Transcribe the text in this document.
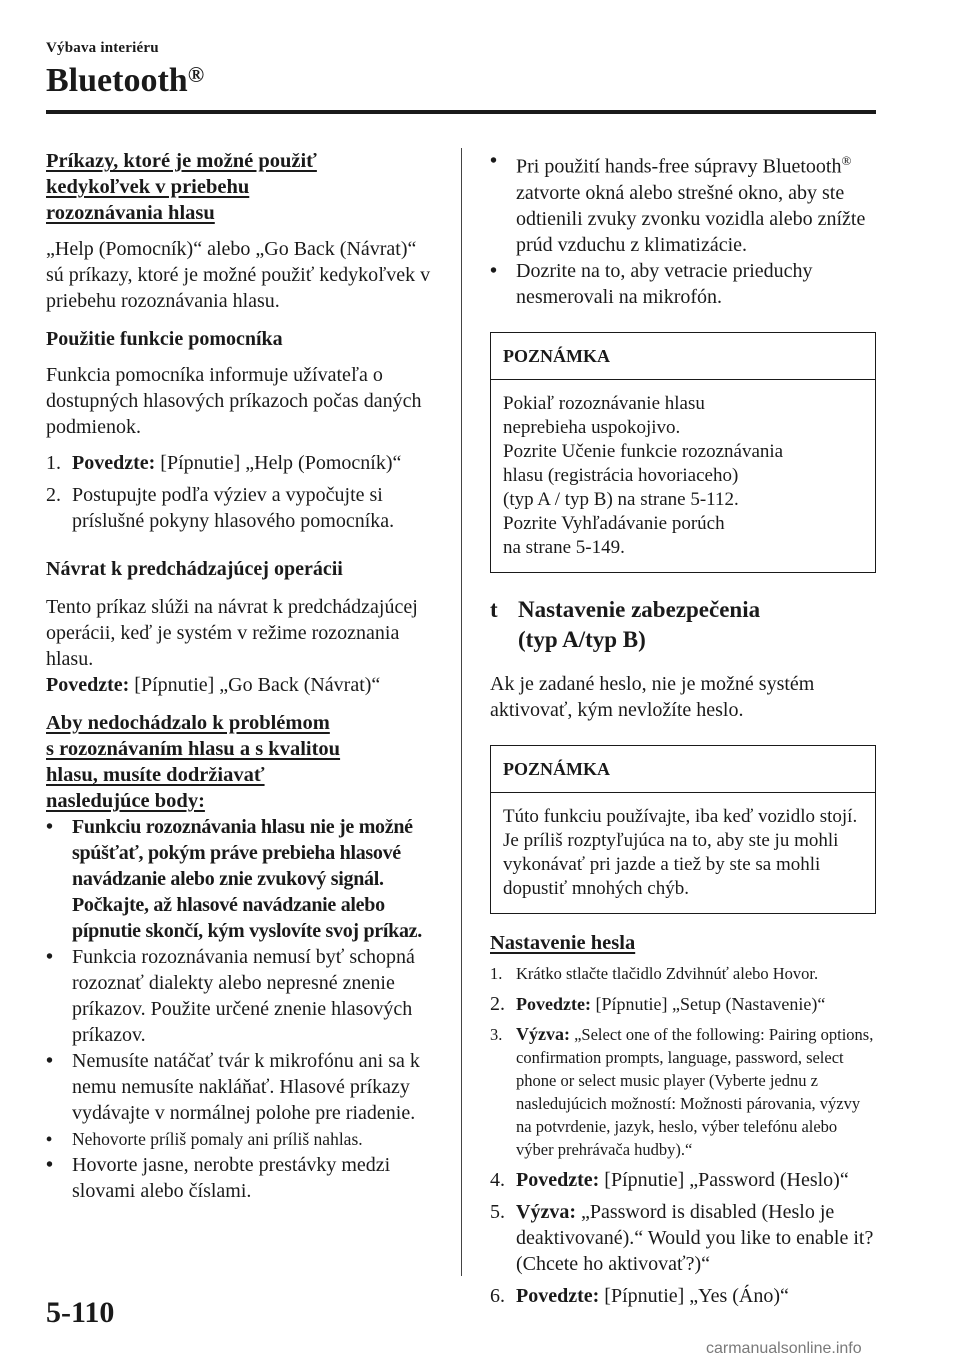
Výbava interiéru
Bluetooth®
Príkazy, ktoré je možné použiť
kedykoľvek v priebehu
rozoznávania hlasu

„Help (Pomocník)“ alebo „Go Back (Návrat)“ sú príkazy, ktoré je možné použiť kedykoľvek v priebehu rozoznávania hlasu.

Použitie funkcie pomocníka

Funkcia pomocníka informuje užívateľa o dostupných hlasových príkazoch počas daných podmienok.

1. Povedzte: [Pípnutie] „Help (Pomocník)“
2. Postupujte podľa výziev a vypočujte si príslušné pokyny hlasového pomocníka.
Návrat k predchádzajúcej operácii

Tento príkaz slúži na návrat k predchádzajúcej operácii, keď je systém v režime rozoznania hlasu.

Povedzte: [Pípnutie] „Go Back (Návrat)“

Aby nedochádzalo k problémom
s rozoznávaním hlasu a s kvalitou
hlasu, musíte dodržiavať
nasledujúce body:
• Funkciu rozoznávania hlasu nie je možné spúšťať, pokým práve prebieha hlasové navádzanie alebo znie zvukový signál. Počkajte, až hlasové navádzanie alebo pípnutie skončí, kým vyslovíte svoj príkaz.
• Funkcia rozoznávania nemusí byť schopná rozoznať dialekty alebo nepresné znenie príkazov. Použite určené znenie hlasových príkazov.
• Nemusíte natáčať tvár k mikrofónu ani sa k nemu nemusíte nakláňať. Hlasové príkazy vydávajte v normálnej polohe pre riadenie.
•	Nehovorte príliš pomaly ani príliš nahlas.
• Hovorte jasne, nerobte prestávky medzi slovami alebo číslami.
• Pri použití hands-free súpravy Bluetooth® zatvorte okná alebo strešné okno, aby ste odtienili zvuky zvonku vozidla alebo znížte prúd vzduchu z klimatizácie.
• Dozrite na to, aby vetracie prieduchy nesmerovali na mikrofón.
POZNÁMKA
Pokiaľ rozoznávanie hlasu
neprebieha uspokojivo.
Pozrite Učenie funkcie rozoznávania
hlasu (registrácia hovoriaceho)
(typ A / typ B) na strane 5-112.
Pozrite Vyhľadávanie porúch
na strane 5-149.
t Nastavenie zabezpečenia
(typ A/typ B)

Ak je zadané heslo, nie je možné systém aktivovať, kým nevložíte heslo.

POZNÁMKA
Túto funkciu používajte, iba keď vozidlo stojí. Je príliš rozptyľujúca na to, aby ste ju mohli vykonávať pri jazde a tiež by ste sa mohli dopustiť mnohých chýb.
Nastavenie hesla
1. Krátko stlačte tlačidlo Zdvihnúť alebo Hovor.
2. Povedzte: [Pípnutie] „Setup (Nastavenie)“
3. Výzva: „Select one of the following: Pairing options, confirmation prompts, language, password, select phone or select music player (Vyberte jednu z nasledujúcich možností: Možnosti párovania, výzvy na potvrdenie, jazyk, heslo, výber telefónu alebo výber prehrávača hudby).“
4. Povedzte: [Pípnutie] „Password (Heslo)“
5. Výzva: „Password is disabled (Heslo je deaktivované).“ Would you like to enable it? (Chcete ho aktivovať?)“
6. Povedzte: [Pípnutie] „Yes (Áno)“
5-110
carmanualsonline.info
